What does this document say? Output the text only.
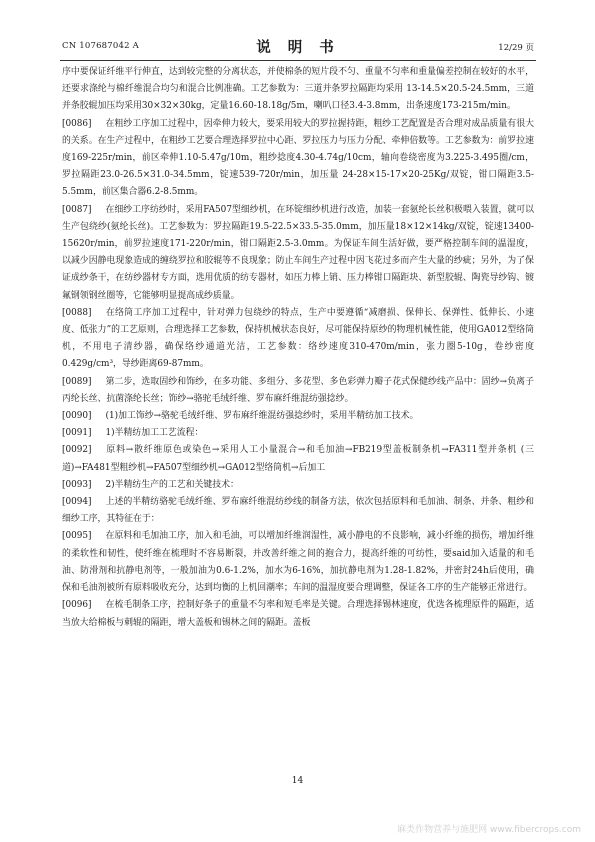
CN 107687042 A	说 明 书	12/29 页

序中要保证纤维平行伸直，达到较完整的分离状态，并使棉条的短片段不匀、重量不匀率和重量偏差控制在较好的水平，还要求涤纶与棉纤维混合均匀和混合比例准确。工艺参数为：三道并条罗拉隔距均采用 13-14.5×20.5-24.5mm，三道并条胶辊加压均采用30×32×30kg，定量16.60-18.18g/5m，喇叭口径3.4-3.8mm，出条速度173-215m/min。

[0086] 在粗纱工序加工过程中，因牵伸力较大，要采用较大的罗拉握持距，粗纱工艺配置是否合理对成品质量有很大的关系。在生产过程中，在粗纱工艺要合理选择罗拉中心距、罗拉压力与压力分配、牵伸倍数等。工艺参数为：前罗拉速度169-225r/min，前区牵伸1.10-5.47g/10m，粗纱捻度4.30-4.74g/10cm，轴向卷绕密度为3.225-3.495圈/cm，罗拉隔距23.0-26.5×31.0-34.5mm，锭速539-720r/min，加压量 24-28×15-17×20-25Kg/双锭，钳口隔距3.5-5.5mm，前区集合器6.2-8.5mm。

[0087] 在细纱工序纺纱时，采用FA507型细纱机，在环锭细纱机进行改造，加装一套氨纶长丝积极喂入装置，就可以生产包绕纱(氨纶长丝)。工艺参数为：罗拉隔距19.5-22.5×33.5-35.0mm，加压量18×12×14kg/双锭，锭速13400-15620r/min，前罗拉速度171-220r/min，钳口隔距2.5-3.0mm。为保证车间生活好做，要严格控制车间的温湿度，以减少因静电现象造成的缠绕罗拉和胶辊等不良现象；防止车间生产过程中因飞花过多而产生大量的纱疵；另外，为了保证成纱条干，在纺纱器材专方面，选用优质的纺专器材，如压力棒上销、压力棒钳口隔距块、新型胶辊、陶瓷导纱钩、镀氟钢领钢丝圈等，它能够明显提高成纱质量。

[0088] 在络筒工序加工过程中，针对弹力包绕纱的特点，生产中要遵循“减磨损、保伸长、保弹性、低伸长、小速度、低张力”的工艺原则，合理选择工艺参数，保持机械状态良好，尽可能保持原纱的物理机械性能，使用GA012型络筒机，不用电子清纱器，确保络纱通道光洁，工艺参数：络纱速度310-470m/min，张力圈5-10g，卷纱密度0.429g/cm³，导纱距离69-87mm。

[0089] 第二步，选取固纱和饰纱，在多功能、多组分、多花型、多色彩弹力瓣子花式保健纱线产品中：固纱→负离子丙纶长丝、抗菌涤纶长丝；饰纱→骆驼毛绒纤维、罗布麻纤维混纺强捻纱。

[0090] (1)加工饰纱→骆驼毛绒纤维、罗布麻纤维混纺强捻纱时，采用半精纺加工技术。

[0091] 1)半精纺加工工艺流程：

[0092] 原料→散纤维原色或染色→采用人工小量混合→和毛加油→FB219型盖板制条机→FA311型并条机 (三道)→FA481型粗纱机→FA507型细纱机→GA012型络筒机→后加工

[0093] 2)半精纺生产的工艺和关键技术：

[0094] 上述的半精纺骆驼毛绒纤维、罗布麻纤维混纺纱线的制备方法，依次包括原料和毛加油、制条、并条、粗纱和细纱工序，其特征在于：

[0095] 在原料和毛加油工序，加入和毛油，可以增加纤维润湿性，减小静电的不良影响，减小纤维的损伤，增加纤维的柔软性和韧性，使纤维在梳理时不容易断裂，并改善纤维之间的抱合力，提高纤维的可纺性，要said加入适量的和毛油、防滑剂和抗静电剂等，一般加油为0.6-1.2%，加水为6-16%，加抗静电剂为1.28-1.82%，并密封24h后使用，确保和毛油剂被所有原料吸收充分，达到均衡的上机回潮率；车间的温湿度要合理调整，保证各工序的生产能够正常进行。

[0096] 在梳毛制条工序，控制好条子的重量不匀率和短毛率是关键。合理选择锡林速度，优选各梳理原件的隔距，适当放大给棉板与刺辊的隔距，增大盖板和锡林之间的隔距。盖板

14
麻类作物营养与施肥网 www.fibercrops.com
